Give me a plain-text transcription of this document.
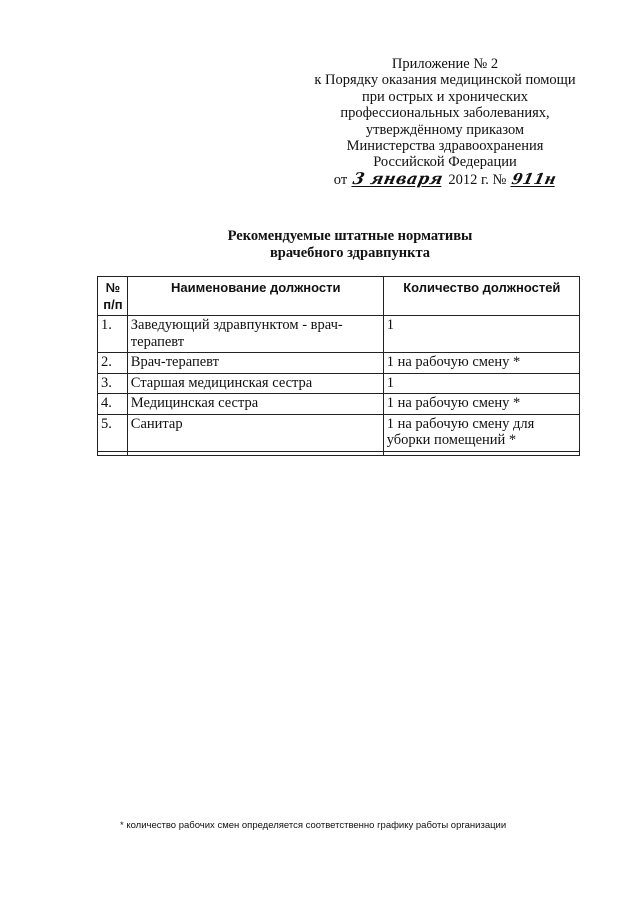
Приложение № 2
к Порядку оказания медицинской помощи
при острых и хронических
профессиональных заболеваниях,
утверждённому приказом
Министерства здравоохранения
Российской Федерации
от 3 января 2012 г. № 911н
Рекомендуемые штатные нормативы
врачебного здравпункта
№ п/п	Наименование должности	Количество должностей
1.	Заведующий здравпунктом - врач-терапевт	1
2.	Врач-терапевт	1 на рабочую смену *
3.	Старшая медицинская сестра	1
4.	Медицинская сестра	1 на рабочую смену *
5.	Санитар	1 на рабочую смену для уборки помещений *

* количество рабочих смен определяется соответственно графику работы организации
